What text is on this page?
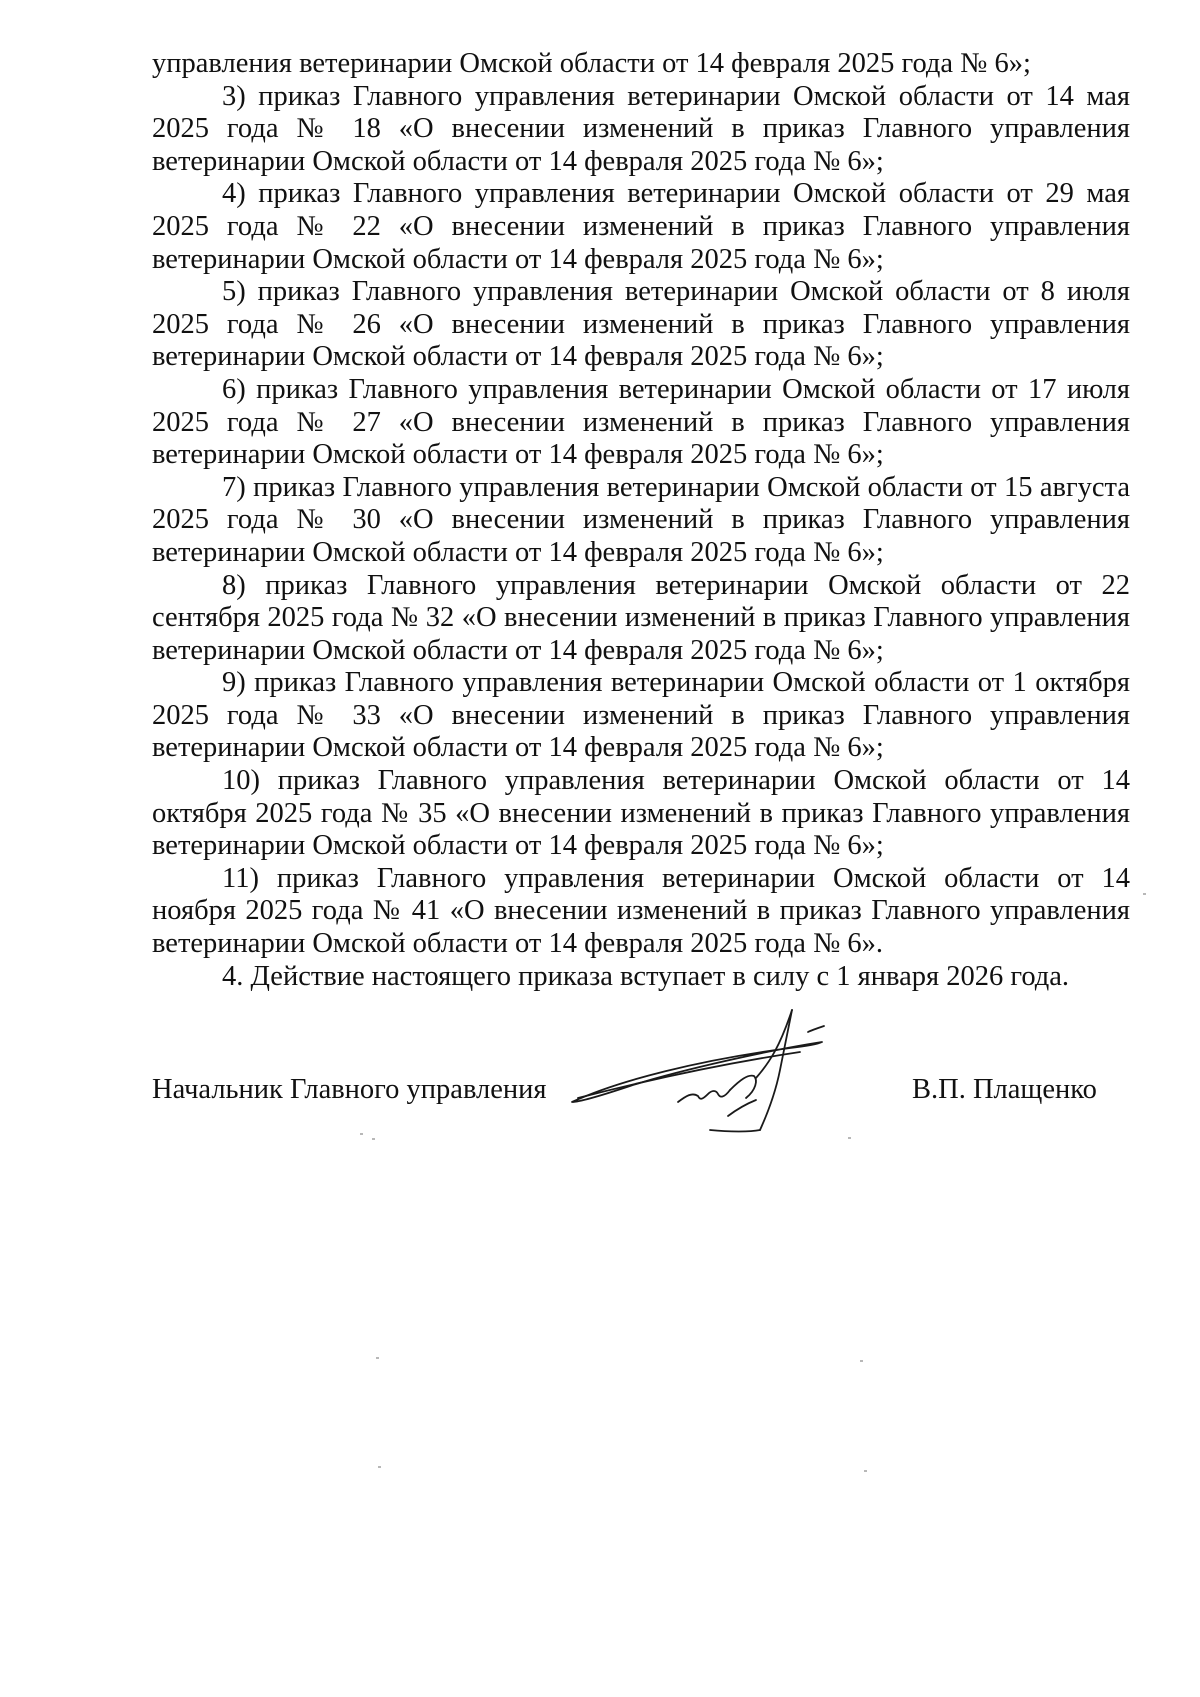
управления ветеринарии Омской области от 14 февраля 2025 года № 6»;
3) приказ Главного управления ветеринарии Омской области от 14 мая 2025 года № 18 «О внесении изменений в приказ Главного управления ветеринарии Омской области от 14 февраля 2025 года № 6»;
4) приказ Главного управления ветеринарии Омской области от 29 мая 2025 года № 22 «О внесении изменений в приказ Главного управления ветеринарии Омской области от 14 февраля 2025 года № 6»;
5) приказ Главного управления ветеринарии Омской области от 8 июля 2025 года № 26 «О внесении изменений в приказ Главного управления ветеринарии Омской области от 14 февраля 2025 года № 6»;
6) приказ Главного управления ветеринарии Омской области от 17 июля 2025 года № 27 «О внесении изменений в приказ Главного управления ветеринарии Омской области от 14 февраля 2025 года № 6»;
7) приказ Главного управления ветеринарии Омской области от 15 августа 2025 года № 30 «О внесении изменений в приказ Главного управления ветеринарии Омской области от 14 февраля 2025 года № 6»;
8) приказ Главного управления ветеринарии Омской области от 22 сентября 2025 года № 32 «О внесении изменений в приказ Главного управления ветеринарии Омской области от 14 февраля 2025 года № 6»;
9) приказ Главного управления ветеринарии Омской области от 1 октября 2025 года № 33 «О внесении изменений в приказ Главного управления ветеринарии Омской области от 14 февраля 2025 года № 6»;
10) приказ Главного управления ветеринарии Омской области от 14 октября 2025 года № 35 «О внесении изменений в приказ Главного управления ветеринарии Омской области от 14 февраля 2025 года № 6»;
11) приказ Главного управления ветеринарии Омской области от 14 ноября 2025 года № 41 «О внесении изменений в приказ Главного управления ветеринарии Омской области от 14 февраля 2025 года № 6».
4. Действие настоящего приказа вступает в силу с 1 января 2026 года.
Начальник Главного управления	В.П. Плащенко
